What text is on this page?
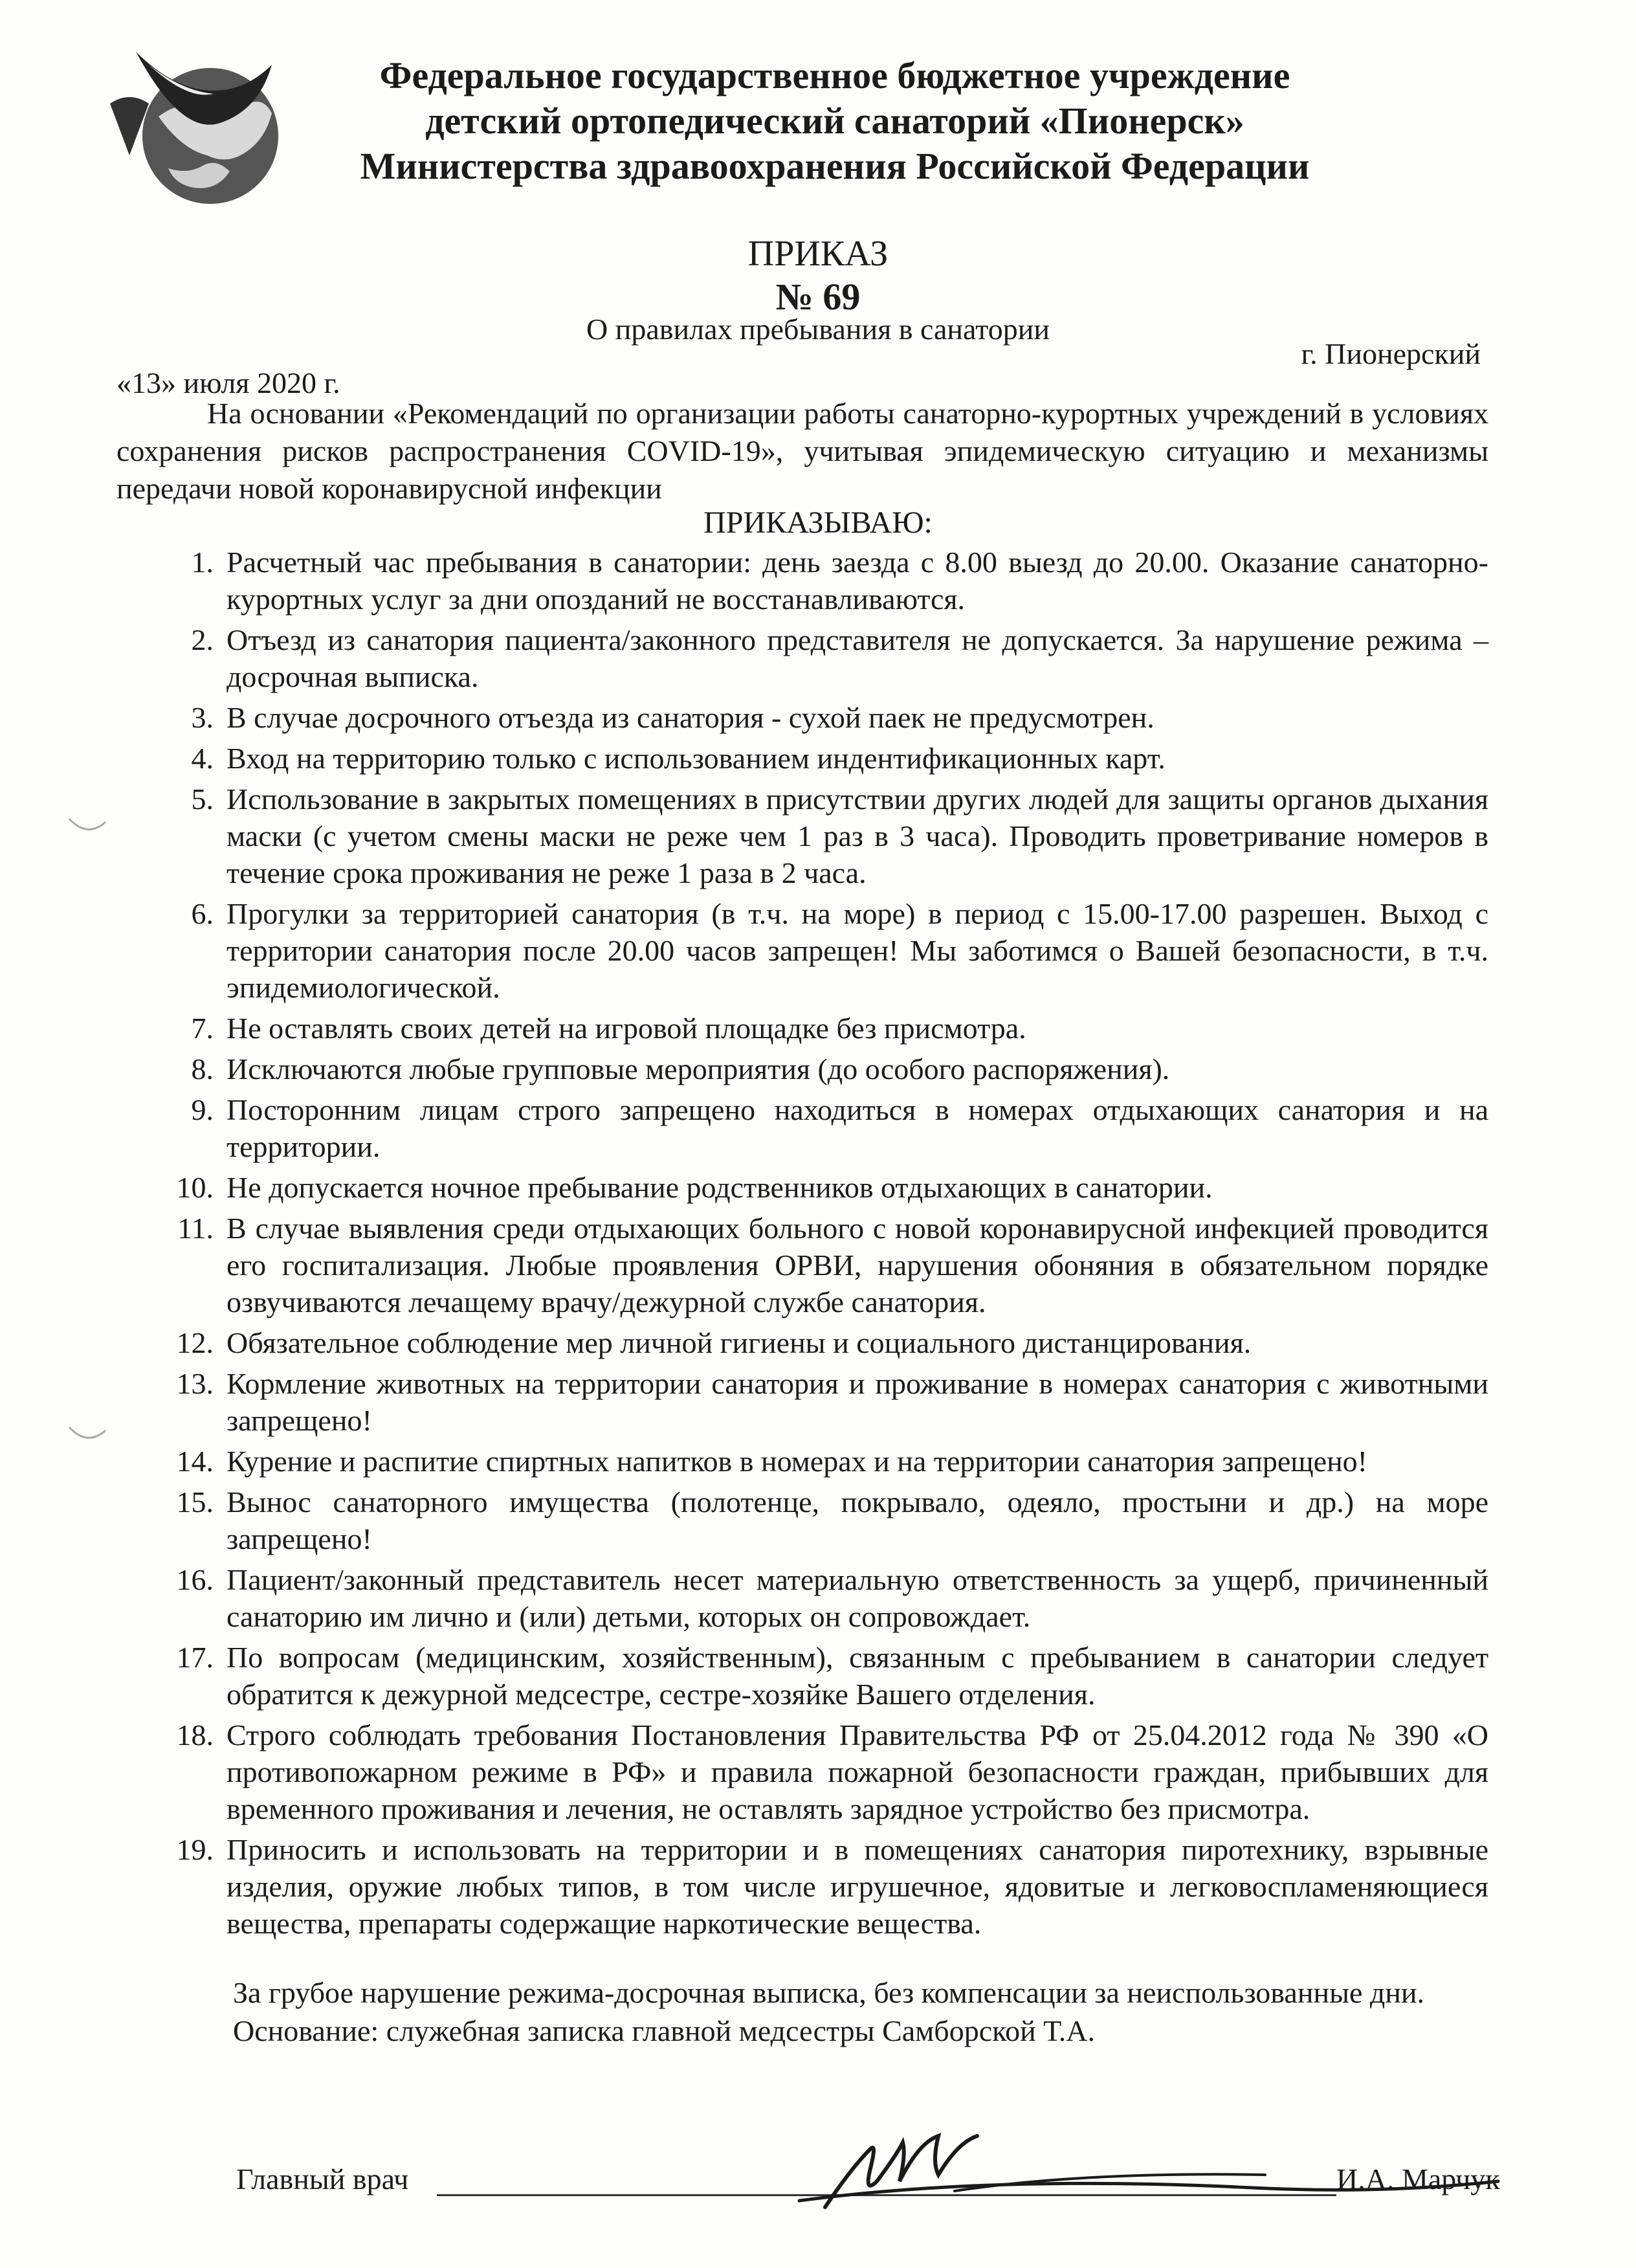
Федеральное государственное бюджетное учреждение
детский ортопедический санаторий «Пионерск»
Министерства здравоохранения Российской Федерации
ПРИКАЗ
№ 69
О правилах пребывания в санатории
г. Пионерский
«13» июля 2020 г.
На основании «Рекомендаций по организации работы санаторно-курортных учреждений в условиях сохранения рисков распространения COVID-19», учитывая эпидемическую ситуацию и механизмы передачи новой коронавирусной инфекции
ПРИКАЗЫВАЮ:
1. Расчетный час пребывания в санатории: день заезда с 8.00 выезд до 20.00. Оказание санаторно-курортных услуг за дни опозданий не восстанавливаются.
2. Отъезд из санатория пациента/законного представителя не допускается. За нарушение режима – досрочная выписка.
3. В случае досрочного отъезда из санатория - сухой паек не предусмотрен.
4. Вход на территорию только с использованием индентификационных карт.
5. Использование в закрытых помещениях в присутствии других людей для защиты органов дыхания маски (с учетом смены маски не реже чем 1 раз в 3 часа). Проводить проветривание номеров в течение срока проживания не реже 1 раза в 2 часа.
6. Прогулки за территорией санатория (в т.ч. на море) в период с 15.00-17.00 разрешен. Выход с территории санатория после 20.00 часов запрещен! Мы заботимся о Вашей безопасности, в т.ч. эпидемиологической.
7. Не оставлять своих детей на игровой площадке без присмотра.
8. Исключаются любые групповые мероприятия (до особого распоряжения).
9. Посторонним лицам строго запрещено находиться в номерах отдыхающих санатория и на территории.
10. Не допускается ночное пребывание родственников отдыхающих в санатории.
11. В случае выявления среди отдыхающих больного с новой коронавирусной инфекцией проводится его госпитализация. Любые проявления ОРВИ, нарушения обоняния в обязательном порядке озвучиваются лечащему врачу/дежурной службе санатория.
12. Обязательное соблюдение мер личной гигиены и социального дистанцирования.
13. Кормление животных на территории санатория и проживание в номерах санатория с животными запрещено!
14. Курение и распитие спиртных напитков в номерах и на территории санатория запрещено!
15. Вынос санаторного имущества (полотенце, покрывало, одеяло, простыни и др.) на море запрещено!
16. Пациент/законный представитель несет материальную ответственность за ущерб, причиненный санаторию им лично и (или) детьми, которых он сопровождает.
17. По вопросам (медицинским, хозяйственным), связанным с пребыванием в санатории следует обратится к дежурной медсестре, сестре-хозяйке Вашего отделения.
18. Строго соблюдать требования Постановления Правительства РФ от 25.04.2012 года № 390 «О противопожарном режиме в РФ» и правила пожарной безопасности граждан, прибывших для временного проживания и лечения, не оставлять зарядное устройство без присмотра.
19. Приносить и использовать на территории и в помещениях санатория пиротехнику, взрывные изделия, оружие любых типов, в том числе игрушечное, ядовитые и легковоспламеняющиеся вещества, препараты содержащие наркотические вещества.

За грубое нарушение режима-досрочная выписка, без компенсации за неиспользованные дни.

Основание: служебная записка главной медсестры Самборской Т.А.

Главный врач	И.А. Марчук
